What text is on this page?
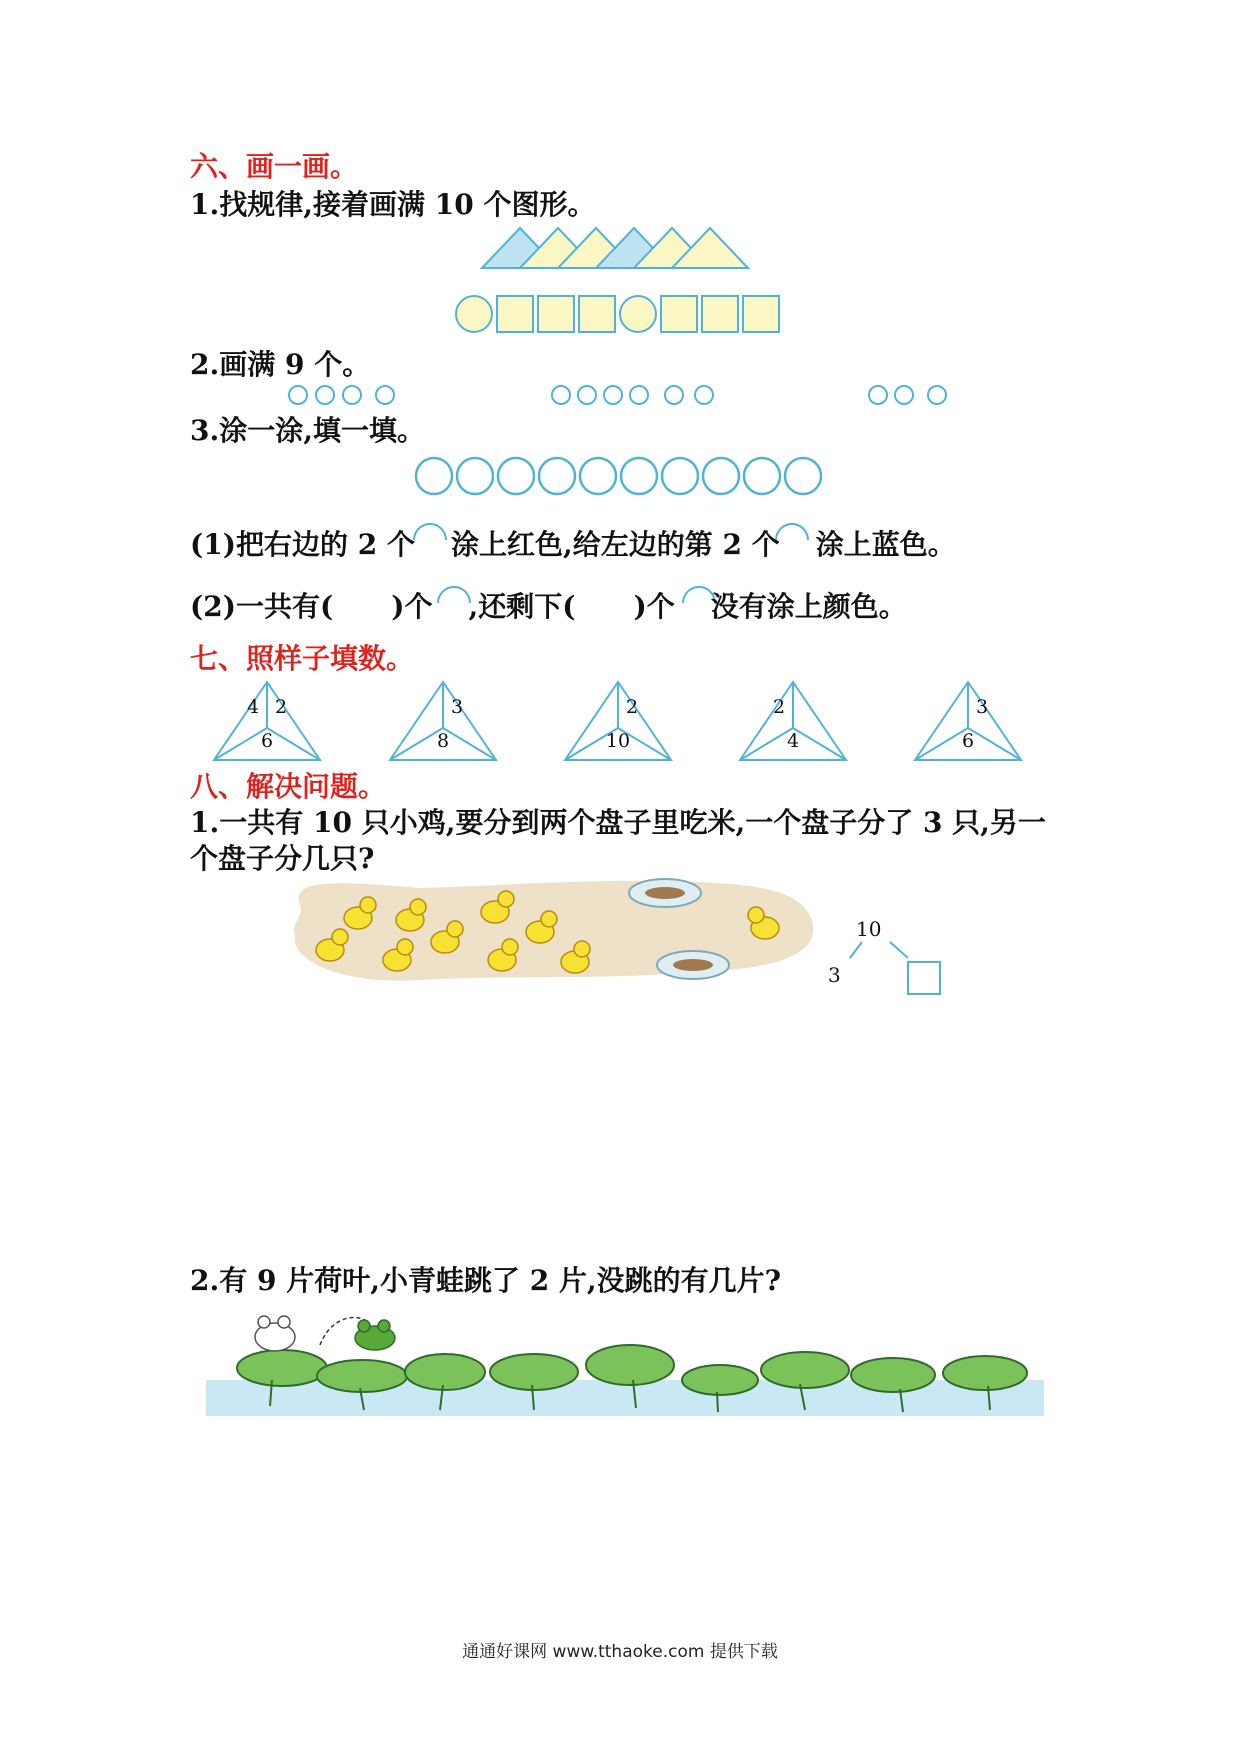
六、画一画。
1.找规律,接着画满 10 个图形。
2.画满 9 个。
3.涂一涂,填一填。
(1)把右边的 2 个 涂上红色,给左边的第 2 个 涂上蓝色。
(2)一共有( )个 ,还剩下( )个 没有涂上颜色。
七、照样子填数。
4 2
6
3
8
2
10
2
4
3
6
八、解决问题。
1.一共有 10 只小鸡,要分到两个盘子里吃米,一个盘子分了 3 只,另一
个盘子分几只?
10
3
2.有 9 片荷叶,小青蛙跳了 2 片,没跳的有几片?
通通好课网 www.tthaoke.com 提供下载
